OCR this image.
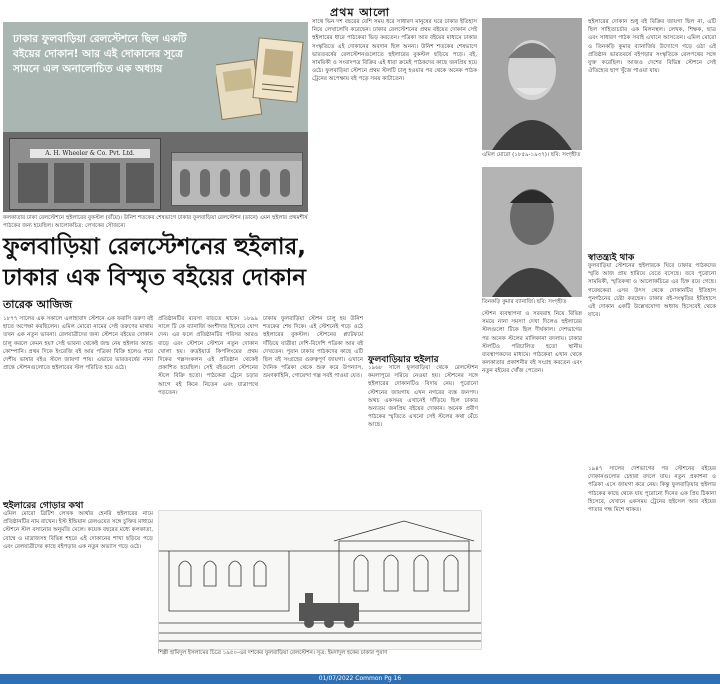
প্রথম আলো
ঢাকার ফুলবাড়িয়া রেলস্টেশনে ছিল একটি বইয়ের দোকান! আর এই দোকানের সূত্রে সামনে এল অনালোচিত এক অধ্যায়
A. H. Wheeler & Co. Pvt. Ltd.
কলকাতার ঢাকা রেলস্টেশনে হুইলারের বুকস্টল (বাঁয়ে)। উনিশ শতকের শেষভাগে ঢাকার ফুলবাড়িয়া রেলস্টেশন (ডানে) এমন হুইলার প্রথমশীর্ষ পাঠকের জন্য হয়েছিল। আলোকচিত্র: লেখকের সৌজন্যে

সাথে ভিন দশ বছরের বেশি সময় ধরে সাধারণ মানুষের ঘরে ঢাকার ইতিহাস নিয়ে লেখালেখি করেছেন। ঢাকার রেলস্টেশনের প্রথম বইয়ের দোকান সেই হুইলারের ধারে পাঠকেরা ভিড় করতেন। পত্রিকা আর বইয়ের মাধ্যমে ঢাকার সংস্কৃতিতে এই দোকানের অবদান ছিল অনন্য। উনিশ শতকের শেষভাগে ভারতবর্ষের রেলস্টেশনগুলোতে হুইলারের বুকস্টল ছড়িয়ে পড়ে। বই, সাময়িকী ও সংবাদপত্র বিক্রির এই ধারা ক্রমেই পাঠকদের কাছে জনপ্রিয় হয়ে ওঠে। ফুলবাড়িয়া স্টেশনে প্রথম স্টলটি চালু হওয়ার পর থেকে অনেক পাঠক ট্রেনের অপেক্ষায় বই পড়ে সময় কাটাতেন।

ফুলবাড়িয়া রেলস্টেশনের হুইলার,
ঢাকার এক বিস্মৃত বইয়ের দোকান
তারেক আজিজ

১৮৭৭ সালের এক সকালে এলাহাবাদ স্টেশনে এক ফরাসি তরুণ বই হাতে অপেক্ষা করছিলেন। এমিল মোরো নামের সেই তরুণের মাথায় তখন এক নতুন ভাবনা। রেলযাত্রীদের জন্য স্টেশনে বইয়ের দোকান চালু করলে কেমন হয়? সেই ভাবনা থেকেই জন্ম নেয় হুইলার অ্যান্ড কোম্পানি। প্রথম দিকে ইংরেজি বই আর পত্রিকা বিক্রি হলেও পরে দেশীয় ভাষার বইও স্টলে জায়গা পায়। এভাবে ভারতবর্ষের নানা প্রান্তে স্টেশনগুলোতে হুইলারের স্টল পরিচিত হয়ে ওঠে।

হুইলারের গোড়ার কথা

এমিল মোরো ব্রিটিশ লেখক আর্থার হেনরি হুইলারের নামে প্রতিষ্ঠানটির নাম রাখেন। ইস্ট ইন্ডিয়ান রেলওয়ের সঙ্গে চুক্তির মাধ্যমে স্টেশনে স্টল বসানোর অনুমতি মেলে। কয়েক বছরের মধ্যে কলকাতা, বোম্বে ও মাদ্রাজসহ বিভিন্ন শহরে এই দোকানের শাখা ছড়িয়ে পড়ে এবং রেলযাত্রীদের কাছে বইপড়ার এক নতুন অভ্যাস গড়ে ওঠে।

প্রতিষ্ঠানটির ব্যবসা বাড়তে থাকে। ১৮৯৯ সালে টি কে ব্যানার্জি অংশীদার হিসেবে যোগ দেন। এর ফলে প্রতিষ্ঠানটির পরিসর আরও বাড়ে এবং স্টেশনে স্টেশনে নতুন দোকান খোলা হয়। রুডইয়ার্ড কিপলিংয়ের প্রথম দিকের গল্পসংকলন এই প্রতিষ্ঠান থেকেই প্রকাশিত হয়েছিল। সেই বইগুলো স্টেশনের স্টলে বিক্রি হতো। পাঠকেরা ট্রেনে চড়ার আগে বই কিনে নিতেন এবং যাত্রাপথে পড়তেন।

ঢাকায় ফুলবাড়িয়া স্টেশন চালু হয় উনিশ শতকের শেষ দিকে। এই স্টেশনেই গড়ে ওঠে হুইলারের বুকস্টল। স্টেশনের প্ল্যাটফর্মে দাঁড়িয়ে যাত্রীরা দেশি-বিদেশি পত্রিকা আর বই দেখতেন। পুরান ঢাকার পাঠকদের কাছে এটি ছিল বই সংগ্রহের গুরুত্বপূর্ণ জায়গা। এখানে দৈনিক পত্রিকা থেকে শুরু করে উপন্যাস, ভ্রমণকাহিনি, গোয়েন্দা গল্প সবই পাওয়া যেত।

ফুলবাড়িয়ার হুইলার

১৯৬৮ সালে ফুলবাড়িয়া থেকে রেলস্টেশন কমলাপুরে সরিয়ে নেওয়া হয়। স্টেশনের সঙ্গে হুইলারের দোকানটিও বিদায় নেয়। পুরোনো স্টেশনের জায়গায় এখন নগরের ব্যস্ত জনপদ। অথচ একসময় এখানেই দাঁড়িয়ে ছিল ঢাকার অন্যতম জনপ্রিয় বইয়ের দোকান। অনেক প্রবীণ পাঠকের স্মৃতিতে এখনো সেই স্টলের কথা বেঁচে আছে।

শিল্পী হামিদুল ইসলামের চিত্রে ১৯৫০-এর দশকের ফুলবাড়িয়া রেলস্টেশন। সূত্র: ইমদাদুল হকের ঢাকার পুরাণ
এমিল মোরো (১৮৫৯-১৯৩৭)। ছবি: সংগৃহীত
তিনকড়ি কুমার ব্যানার্জি। ছবি: সংগৃহীত

স্টেশন ব্যবস্থাপনা ও সরবরাহ নিয়ে বিভিন্ন সময়ে নানা সমস্যা দেখা দিলেও হুইলারের স্টলগুলো টিকে ছিল দীর্ঘকাল। দেশভাগের পর অনেক স্টলের মালিকানা বদলায়। ঢাকার স্টলটিও পরিচালিত হতো স্থানীয় ব্যবস্থাপকদের মাধ্যমে। পাঠকেরা এখান থেকে কলকাতার প্রকাশনীর বই সংগ্রহ করতেন এবং নতুন বইয়ের খোঁজ পেতেন।

হুইলারের দোকান শুধু বই বিক্রির জায়গা ছিল না, এটি ছিল সাহিত্যচর্চার এক মিলনস্থল। লেখক, শিক্ষক, ছাত্র এবং সাধারণ পাঠক সবাই এখানে আসতেন। এমিল মোরো ও তিনকড়ি কুমার ব্যানার্জির উদ্যোগে গড়ে ওঠা এই প্রতিষ্ঠান ভারতবর্ষে বইপড়ার সংস্কৃতিকে রেলপথের সঙ্গে যুক্ত করেছিল। আজও দেশের বিভিন্ন স্টেশনে সেই ঐতিহ্যের ছাপ খুঁজে পাওয়া যায়।

স্বাতন্ত্র্যই থাক

ফুলবাড়িয়া স্টেশনের হুইলারকে ঘিরে ঢাকার পাঠকদের স্মৃতি আজ প্রায় হারিয়ে যেতে বসেছে। তবে পুরোনো সাময়িকী, স্মৃতিকথা ও আলোকচিত্রে এর চিহ্ন রয়ে গেছে। গবেষকেরা এসব উৎস থেকে দোকানটির ইতিহাস পুনর্গঠনের চেষ্টা করছেন। ঢাকার বই-সংস্কৃতির ইতিহাসে এই দোকান একটি উল্লেখযোগ্য অধ্যায় হিসেবেই থেকে যাবে।

১৯৪৭ সালের দেশভাগের পর স্টেশনের বইয়ের দোকানগুলোর চেহারা বদলে যায়। নতুন প্রকাশনা ও পত্রিকা এসে জায়গা করে নেয়। কিন্তু ফুলবাড়িয়ার হুইলার পাঠকের কাছে থেকে যায় পুরোনো দিনের এক প্রিয় ঠিকানা হিসেবে, যেখানে একসময় ট্রেনের হুইসেল আর বইয়ের পাতার গন্ধ মিশে থাকত।

01/07/2022 Common Pg 16
